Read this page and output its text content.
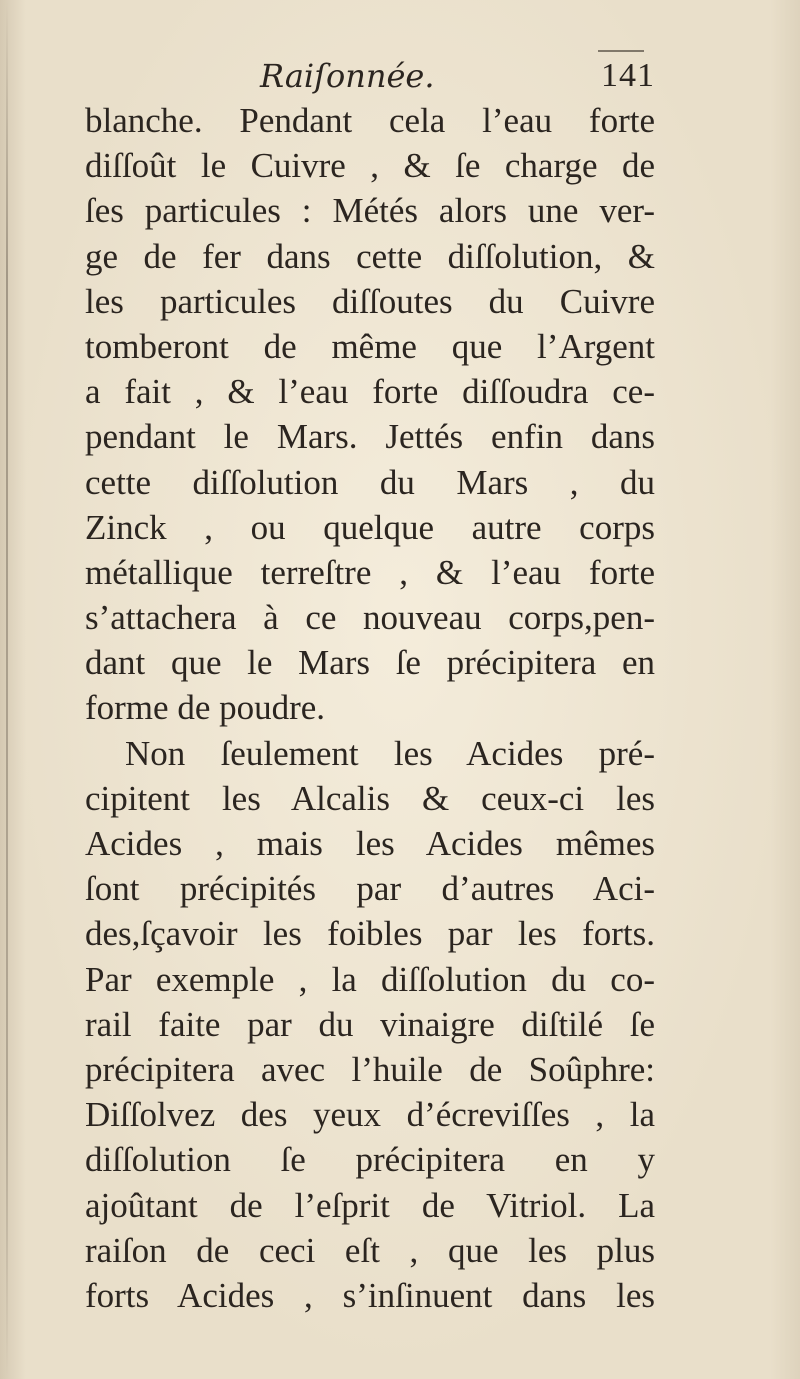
Raiſonnée.	141
blanche. Pendant cela l’eau forte
diſſoût le Cuivre , & ſe charge de
ſes particules : Métés alors une ver-
ge de fer dans cette diſſolution, &
les particules diſſoutes du Cuivre
tomberont de même que l’Argent
a fait , & l’eau forte diſſoudra ce-
pendant le Mars. Jettés enfin dans
cette diſſolution du Mars , du
Zinck , ou quelque autre corps
métallique terreſtre , & l’eau forte
s’attachera à ce nouveau corps,pen-
dant que le Mars ſe précipitera en
forme de poudre.
Non ſeulement les Acides pré-
cipitent les Alcalis & ceux-ci les
Acides , mais les Acides mêmes
ſont précipités par d’autres Aci-
des,ſçavoir les foibles par les forts.
Par exemple , la diſſolution du co-
rail faite par du vinaigre diſtilé ſe
précipitera avec l’huile de Soûphre:
Diſſolvez des yeux d’écreviſſes , la
diſſolution ſe précipitera en y
ajoûtant de l’eſprit de Vitriol. La
raiſon de ceci eſt , que les plus
forts Acides , s’inſinuent dans les
